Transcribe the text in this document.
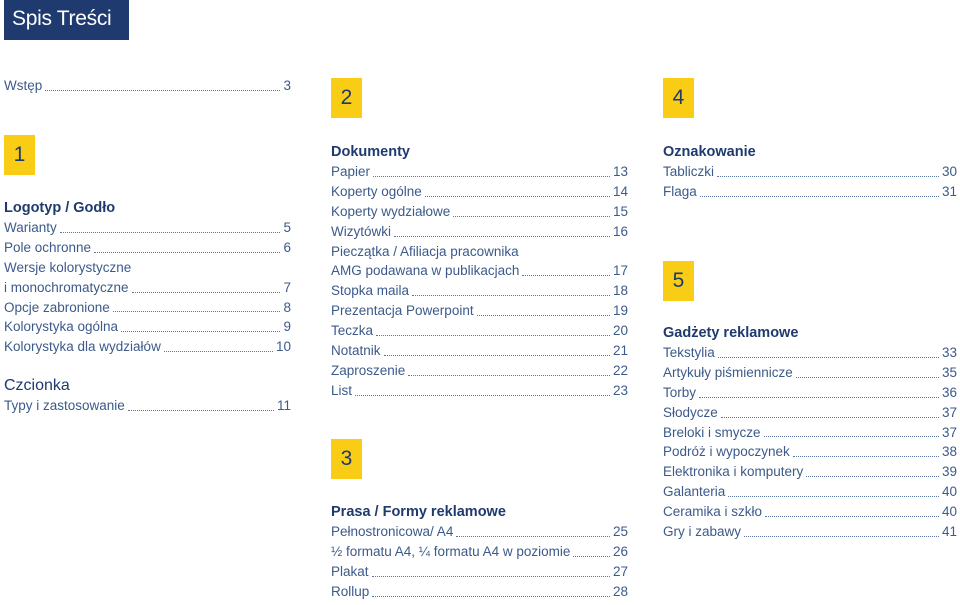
Spis Treści
Wstęp	3
1
Logotyp / Godło
Warianty	5
Pole ochronne	6
Wersje kolorystyczne
i monochromatyczne	7
Opcje zabronione	8
Kolorystyka ogólna	9
Kolorystyka dla wydziałów	10
Czcionka
Typy i zastosowanie	11
2
Dokumenty
Papier	13
Koperty ogólne	14
Koperty wydziałowe	15
Wizytówki	16
Pieczątka / Afiliacja pracownika
AMG podawana w publikacjach	17
Stopka maila	18
Prezentacja Powerpoint	19
Teczka	20
Notatnik	21
Zaproszenie	22
List	23
3
Prasa / Formy reklamowe
Pełnostronicowa/ A4	25
½ formatu A4, ¼ formatu A4 w poziomie	26
Plakat	27
Rollup	28
4
Oznakowanie
Tabliczki	30
Flaga	31
5
Gadżety reklamowe
Tekstylia	33
Artykuły piśmiennicze	35
Torby	36
Słodycze	37
Breloki i smycze	37
Podróż i wypoczynek	38
Elektronika i komputery	39
Galanteria	40
Ceramika i szkło	40
Gry i zabawy	41
